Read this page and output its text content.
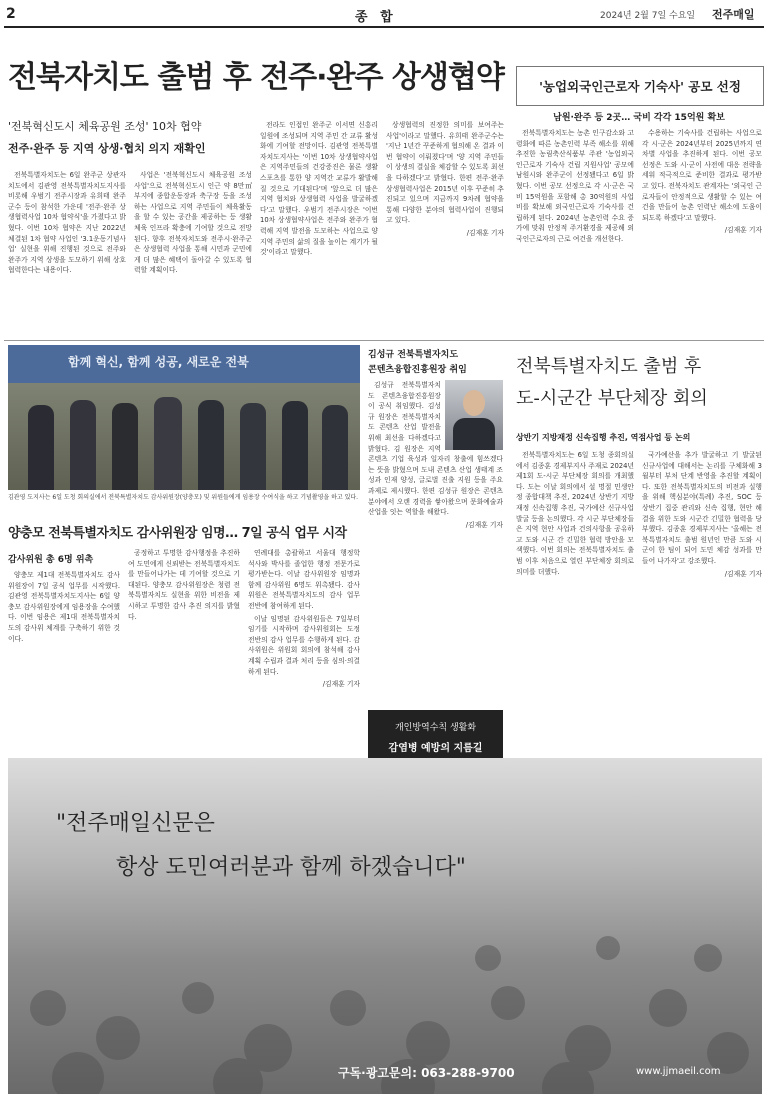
2	종 합	2024년 2월 7일 수요일 전주매일
전북자치도 출범 후 전주·완주 상생협약
'전북혁신도시 체육공원 조성' 10차 협약
전주·완주 등 지역 상생·협치 의지 재확인

전북특별자치도는 6일 완주군 상관자치도에서 김관영 전북특별자치도지사를 비롯해 우범기 전주시장과 유희태 완주군수 등이 참석한 가운데 '전주·완주 상생협력사업 10차 협약식'을 가졌다고 밝혔다. 이번 10차 협약은 지난 2022년 체결된 1차 협약 사업인 '3.1운동기념사업' 실현을 위해 진행된 것으로 전주와 완주가 지역 상생을 도모하기 위해 상호 협력한다는 내용이다.

사업은 '전북혁신도시 체육공원 조성사업'으로 전북혁신도시 인근 약 8만㎡ 부지에 종합운동장과 축구장 등을 조성하는 사업으로 지역 주민들이 체육활동을 할 수 있는 공간을 제공하는 등 생활체육 인프라 확충에 기여할 것으로 전망된다. 향후 전북자치도와 전주시·완주군은 상생협력 사업을 통해 시민과 군민에게 더 많은 혜택이 돌아갈 수 있도록 협력할 계획이다.

전라도 인접인 완주군 이서면 신흥리 일원에 조성되며 지역 주민 간 교류 활성화에 기여할 전망이다. 김관영 전북특별자치도지사는 '이번 10차 상생협약사업은 지역주민들의 건강증진은 물론 생활스포츠를 통한 양 지역간 교류가 활발해질 것으로 기대된다'며 '앞으로 더 많은 지역 협치와 상생협력 사업을 발굴하겠다'고 말했다. 우범기 전주시장은 '이번 10차 상생협약사업은 전주와 완주가 협력해 지역 발전을 도모하는 사업으로 양 지역 주민의 삶의 질을 높이는 계기가 될 것'이라고 말했다.

상생협력의 진정한 의미를 보여주는 사업'이라고 말했다. 유희태 완주군수는 '지난 1년간 꾸준하게 협의해 온 결과 이번 협약이 이뤄졌다'며 '양 지역 주민들이 상생의 결실을 체감할 수 있도록 최선을 다하겠다'고 밝혔다. 한편 전주·완주 상생협력사업은 2015년 이후 꾸준히 추진되고 있으며 지금까지 9차례 협약을 통해 다양한 분야의 협력사업이 진행되고 있다.

/김재훈 기자
'농업외국인근로자 기숙사' 공모 선정
남원·완주 등 2곳… 국비 각각 15억원 확보

전북특별자치도는 농촌 인구감소와 고령화에 따른 농촌인력 부족 해소를 위해 추진한 농림축산식품부 주관 '농업외국인근로자 기숙사 건립 지원사업' 공모에 남원시와 완주군이 선정됐다고 6일 밝혔다. 이번 공모 선정으로 각 시·군은 국비 15억원을 포함해 총 30억원의 사업비를 확보해 외국인근로자 기숙사를 건립하게 된다. 2024년 농촌인력 수요 증가에 맞춰 안정적 주거환경을 제공해 외국인근로자의 근로 여건을 개선한다.

수용하는 기숙사를 건립하는 사업으로 각 시·군은 2024년부터 2025년까지 연차별 사업을 추진하게 된다. 이번 공모 선정은 도와 시·군이 사전에 대응 전략을 세워 적극적으로 준비한 결과로 평가받고 있다. 전북자치도 관계자는 '외국인 근로자들이 안정적으로 생활할 수 있는 여건을 만들어 농촌 인력난 해소에 도움이 되도록 하겠다'고 말했다.

/김재훈 기자
함께 혁신, 함께 성공, 새로운 전북
김관영 도지사는 6일 도청 회의실에서 전북특별자치도 감사위원장(양충모) 및 위원들에게 임용장 수여식을 하고 기념촬영을 하고 있다.
김성규 전북특별자치도
콘텐츠융합진흥원장 취임

김성규 전북특별자치도 콘텐츠융합진흥원장이 공식 취임했다. 김성규 원장은 전북특별자치도 콘텐츠 산업 발전을 위해 최선을 다하겠다고 밝혔다. 김 원장은 지역 콘텐츠 기업 육성과 일자리 창출에 힘쓰겠다는 뜻을 밝혔으며 도내 콘텐츠 산업 생태계 조성과 인재 양성, 글로벌 진출 지원 등을 주요 과제로 제시했다. 한편 김성규 원장은 콘텐츠 분야에서 오랜 경력을 쌓아왔으며 문화예술과 산업을 잇는 역할을 해왔다.

/김재훈 기자
개인방역수칙 생활화
감염병 예방의 지름길
양충모 전북특별자치도 감사위원장 임명… 7일 공식 업무 시작
감사위원 총 6명 위촉

양충모 제1대 전북특별자치도 감사위원장이 7일 공식 업무를 시작했다. 김관영 전북특별자치도지사는 6일 양충모 감사위원장에게 임용장을 수여했다. 이번 임용은 제1대 전북특별자치도의 감사위 체계를 구축하기 위한 것이다.

공정하고 투명한 감사행정을 추진하여 도민에게 신뢰받는 전북특별자치도를 만들어나가는 데 기여할 것으로 기대된다. 양충모 감사위원장은 청렴 전북특별자치도 실현을 위한 비전을 제시하고 투명한 감사 추진 의지를 밝혔다.

연례대를 총괄하고 서울대 행정학 석사와 박사를 졸업한 행정 전문가로 평가받는다. 이날 감사위원장 임명과 함께 감사위원 6명도 위촉됐다. 감사위원은 전북특별자치도의 감사 업무 전반에 참여하게 된다.

이날 임명된 감사위원들은 7일부터 임기를 시작하며 감사위원회는 도정 전반의 감사 업무를 수행하게 된다. 감사위원은 위원회 회의에 참석해 감사계획 수립과 결과 처리 등을 심의·의결하게 된다.

/김재훈 기자
전북특별자치도 출범 후
도-시군간 부단체장 회의
상반기 지방재정 신속집행 추진, 역점사업 등 논의

전북특별자치도는 6일 도청 종회의실에서 김종훈 경제부지사 주재로 2024년 제1회 도-시군 부단체장 회의를 개최했다. 도는 이날 회의에서 설 명절 민생안정 종합대책 추진, 2024년 상반기 지방재정 신속집행 추진, 국가예산 신규사업 발굴 등을 논의했다. 각 시군 부단체장들은 지역 현안 사업과 건의사항을 공유하고 도와 시군 간 긴밀한 협력 방안을 모색했다. 이번 회의는 전북특별자치도 출범 이후 처음으로 열린 부단체장 회의로 의미를 더했다.

국가예산을 추가 발굴하고 기 발굴된 신규사업에 대해서는 논리를 구체화해 3월부터 부처 단계 반영을 추진할 계획이다. 또한 전북특별자치도의 비전과 실행을 위해 핵심분야(특례) 추진, SOC 등 상반기 집중 관리와 신속 집행, 현안 해결을 위한 도와 시군간 긴밀한 협력을 당부했다. 김종훈 경제부지사는 '올해는 전북특별자치도 출범 원년인 만큼 도와 시군이 한 팀이 되어 도민 체감 성과를 만들어 나가자'고 강조했다.

/김재훈 기자
"전주매일신문은
항상 도민여러분과 함께 하겠습니다"
구독·광고문의: 063-288-9700	www.jjmaeil.com
